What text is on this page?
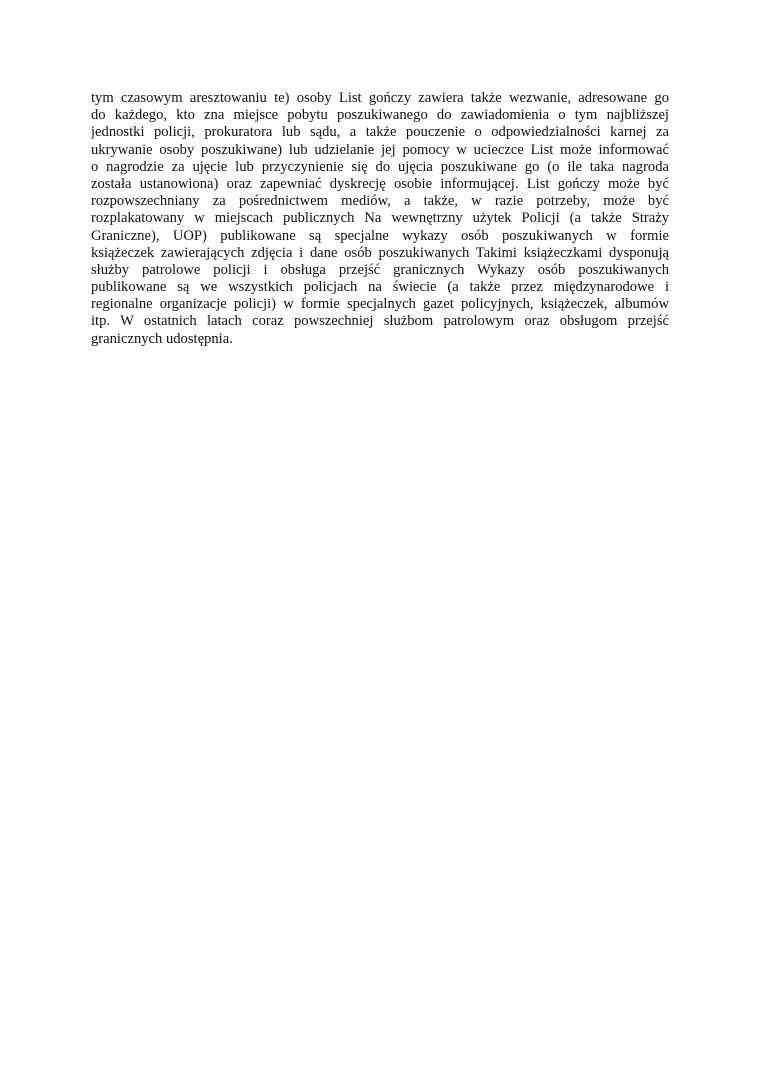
tym czasowym aresztowaniu te) osoby List gończy zawiera także wezwanie, adresowane go
do każdego, kto zna miejsce pobytu poszukiwanego do zawiadomienia o tym najbliższej
jednostki policji, prokuratora lub sądu, a także pouczenie o odpowiedzialności karnej za
ukrywanie osoby poszukiwane) lub udzielanie jej pomocy w ucieczce List może informować
o nagrodzie za ujęcie lub przyczynienie się do ujęcia poszukiwane go (o ile taka nagroda
została ustanowiona) oraz zapewniać dyskrecję osobie informującej. List gończy może być
rozpowszechniany za pośrednictwem mediów, a także, w razie potrzeby, może być
rozplakatowany w miejscach publicznych Na wewnętrzny użytek Policji (a także Straży
Graniczne), UOP) publikowane są specjalne wykazy osób poszukiwanych w formie
książeczek zawierających zdjęcia i dane osób poszukiwanych Takimi książeczkami dysponują
służby patrolowe policji i obsługa przejść granicznych Wykazy osób poszukiwanych
publikowane są we wszystkich policjach na świecie (a także przez międzynarodowe i
regionalne organizacje policji) w formie specjalnych gazet policyjnych, książeczek, albumów
itp. W ostatnich latach coraz powszechniej służbom patrolowym oraz obsługom przejść
granicznych udostępnia.
